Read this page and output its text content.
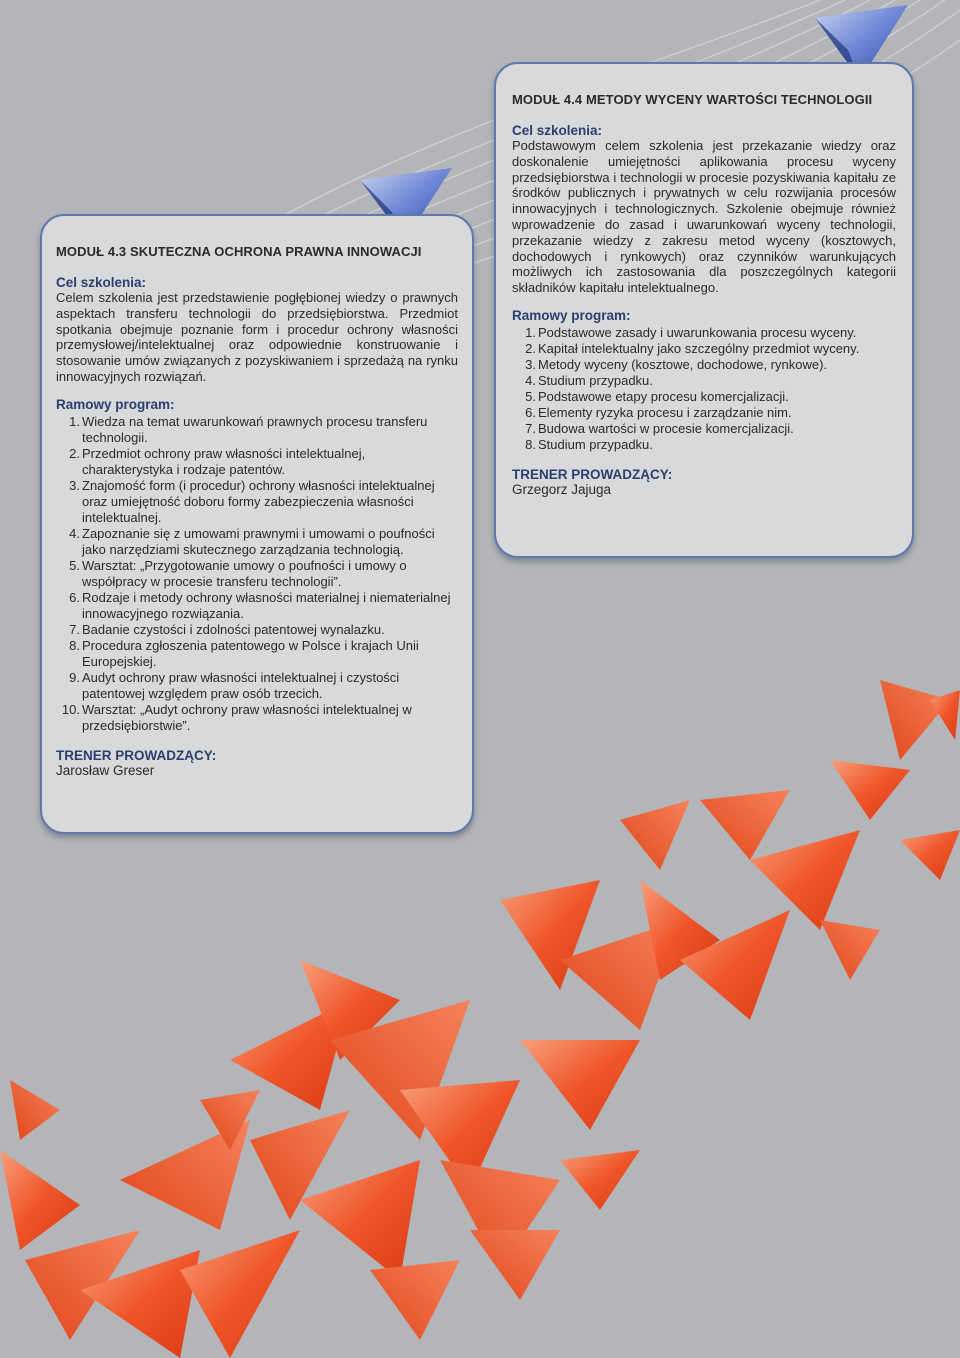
MODUŁ 4.3 SKUTECZNA OCHRONA PRAWNA INNOWACJI
Cel szkolenia:

Celem szkolenia jest przedstawienie pogłębionej wiedzy o prawnych aspektach transferu technologii do przedsiębiorstwa. Przedmiot spotkania obejmuje poznanie form i procedur ochrony własności przemysłowej/intelektualnej oraz odpowiednie konstruowanie i stosowanie umów związanych z pozyskiwaniem i sprzedażą na rynku innowacyjnych rozwiązań.

Ramowy program:
1. Wiedza na temat uwarunkowań prawnych procesu transferu technologii.
2. Przedmiot ochrony praw własności intelektualnej, charakterystyka i rodzaje patentów.
3. Znajomość form (i procedur) ochrony własności intelektualnej oraz umiejętność doboru formy zabezpieczenia własności intelektualnej.
4. Zapoznanie się z umowami prawnymi i umowami o poufności jako narzędziami skutecznego zarządzania technologią.
5. Warsztat: „Przygotowanie umowy o poufności i umowy o współpracy w procesie transferu technologii”.
6. Rodzaje i metody ochrony własności materialnej i niematerialnej innowacyjnego rozwiązania.
7. Badanie czystości i zdolności patentowej wynalazku.
8. Procedura zgłoszenia patentowego w Polsce i krajach Unii Europejskiej.
9. Audyt ochrony praw własności intelektualnej i czystości patentowej względem praw osób trzecich.
10. Warsztat: „Audyt ochrony praw własności intelektualnej w przedsiębiorstwie”.
TRENER PROWADZĄCY:

Jarosław Greser

MODUŁ 4.4 METODY WYCENY WARTOŚCI TECHNOLOGII
Cel szkolenia:

Podstawowym celem szkolenia jest przekazanie wiedzy oraz doskonalenie umiejętności aplikowania procesu wyceny przedsiębiorstwa i technologii w procesie pozyskiwania kapitału ze środków publicznych i prywatnych w celu rozwijania procesów innowacyjnych i technologicznych. Szkolenie obejmuje również wprowadzenie do zasad i uwarunkowań wyceny technologii, przekazanie wiedzy z zakresu metod wyceny (kosztowych, dochodowych i rynkowych) oraz czynników warunkujących możliwych ich zastosowania dla poszczególnych kategorii składników kapitału intelektualnego.

Ramowy program:
1. Podstawowe zasady i uwarunkowania procesu wyceny.
2. Kapitał intelektualny jako szczególny przedmiot wyceny.
3. Metody wyceny (kosztowe, dochodowe, rynkowe).
4. Studium przypadku.
5. Podstawowe etapy procesu komercjalizacji.
6. Elementy ryzyka procesu i zarządzanie nim.
7. Budowa wartości w procesie komercjalizacji.
8. Studium przypadku.
TRENER PROWADZĄCY:

Grzegorz Jajuga
